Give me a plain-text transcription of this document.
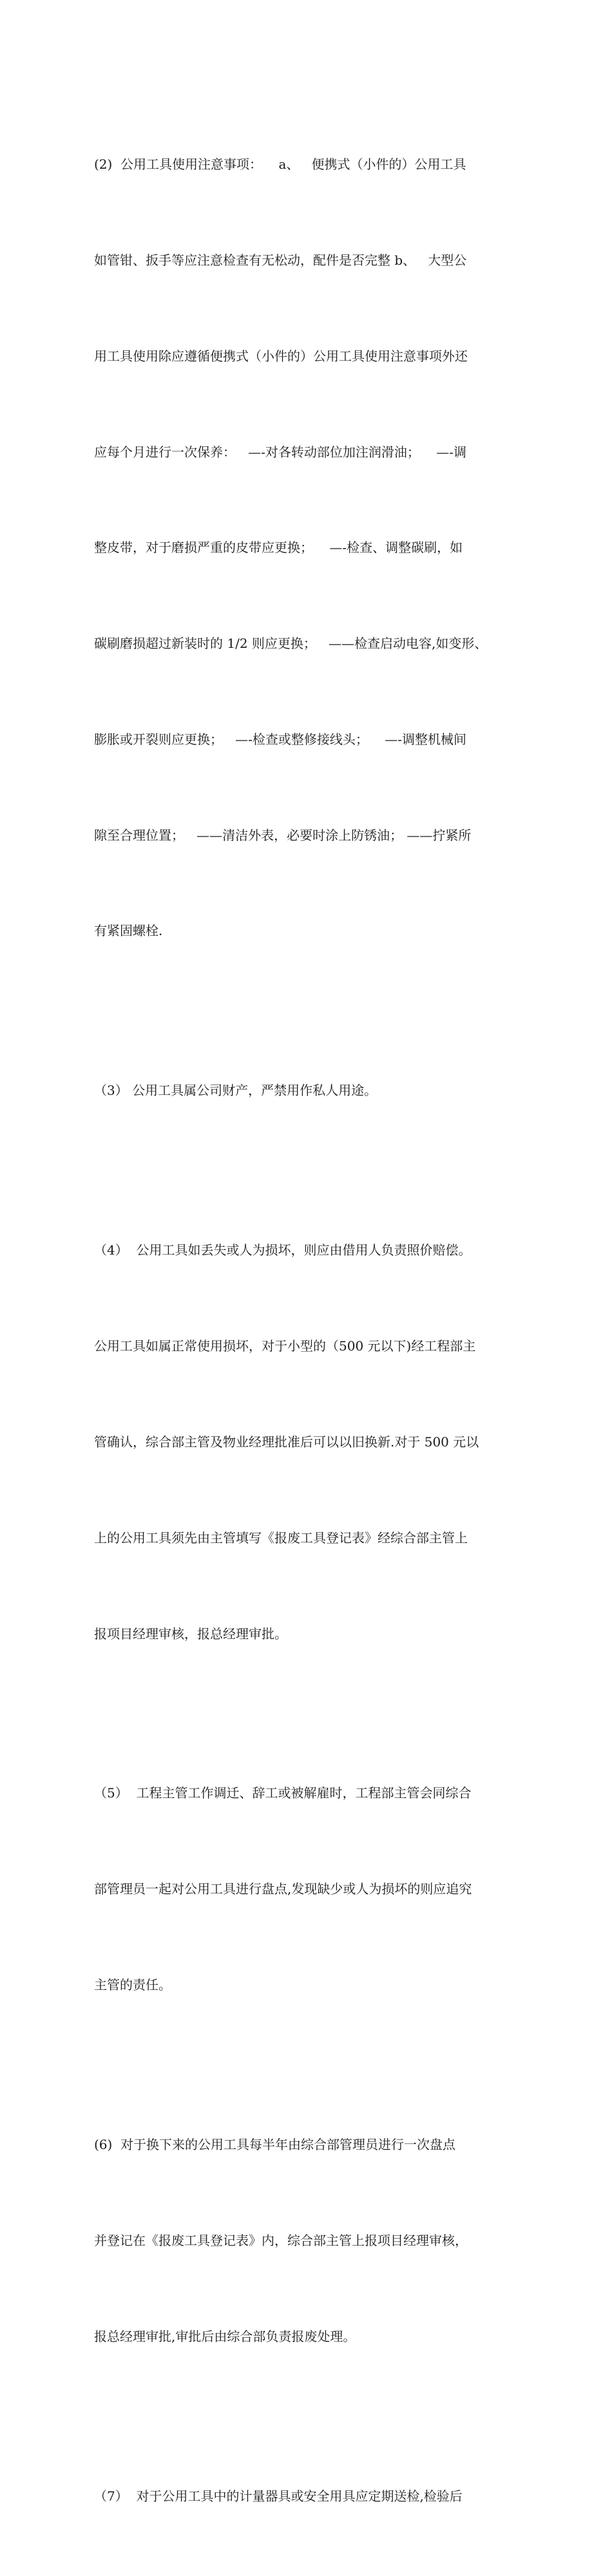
(2)  公用工具使用注意事项：    a、   便携式（小件的）公用工具

如管钳、扳手等应注意检查有无松动，配件是否完整 b、   大型公

用工具使用除应遵循便携式（小件的）公用工具使用注意事项外还

应每个月进行一次保养：   —-对各转动部位加注润滑油；    —-调

整皮带，对于磨损严重的皮带应更换；    —-检查、调整碳刷，如

碳刷磨损超过新装时的 1/2 则应更换；   ——检查启动电容,如变形、

膨胀或开裂则应更换；   —-检查或整修接线头；    —-调整机械间

隙至合理位置；   ——清洁外表，必要时涂上防锈油； ——拧紧所

有紧固螺栓.

（3） 公用工具属公司财产，严禁用作私人用途。

（4）  公用工具如丢失或人为损坏，则应由借用人负责照价赔偿。

公用工具如属正常使用损坏，对于小型的（500 元以下)经工程部主

管确认，综合部主管及物业经理批准后可以以旧换新.对于 500 元以

上的公用工具须先由主管填写《报废工具登记表》经综合部主管上

报项目经理审核，报总经理审批。

（5）  工程主管工作调迁、辞工或被解雇时，工程部主管会同综合

部管理员一起对公用工具进行盘点,发现缺少或人为损坏的则应追究

主管的责任。

(6)  对于换下来的公用工具每半年由综合部管理员进行一次盘点

并登记在《报废工具登记表》内，综合部主管上报项目经理审核，

报总经理审批,审批后由综合部负责报废处理。

（7）  对于公用工具中的计量器具或安全用具应定期送检,检验后
